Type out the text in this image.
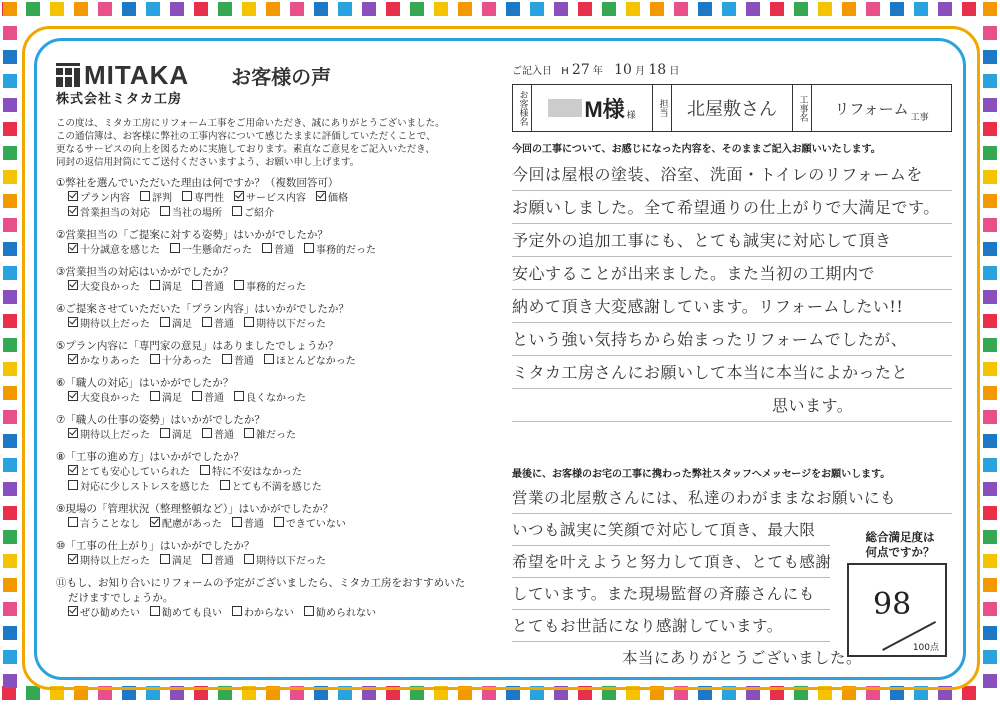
MITAKA お客様の声
株式会社ミタカ工房
この度は、ミタカ工房にリフォーム工事をご用命いただき、誠にありがとうございました。
この通信簿は、お客様に弊社の工事内容について感じたままに評価していただくことで、
更なるサービスの向上を図るために実施しております。素直なご意見をご記入いただき、
同封の返信用封筒にてご送付くださいますよう、お願い申し上げます。
①弊社を選んでいただいた理由は何ですか？（複数回答可）
プラン内容 評判 専門性 サービス内容 価格
営業担当の対応 当社の場所 ご紹介
②営業担当の「ご提案に対する姿勢」はいかがでしたか？
十分誠意を感じた 一生懸命だった 普通 事務的だった
③営業担当の対応はいかがでしたか？
大変良かった 満足 普通 事務的だった
④ご提案させていただいた「プラン内容」はいかがでしたか？
期待以上だった 満足 普通 期待以下だった
⑤プラン内容に「専門家の意見」はありましたでしょうか？
かなりあった 十分あった 普通 ほとんどなかった
⑥「職人の対応」はいかがでしたか？
大変良かった 満足 普通 良くなかった
⑦「職人の仕事の姿勢」はいかがでしたか？
期待以上だった 満足 普通 雑だった
⑧「工事の進め方」はいかがでしたか？
とても安心していられた 特に不安はなかった
対応に少しストレスを感じた とても不満を感じた
⑨現場の「管理状況（整理整頓など）」はいかがでしたか？
言うことなし 配慮があった 普通 できていない
⑩「工事の仕上がり」はいかがでしたか？
期待以上だった 満足 普通 期待以下だった
⑪もし、お知り合いにリフォームの予定がございましたら、ミタカ工房をおすすめいた
だけますでしょうか。
ぜひ勧めたい 勧めても良い わからない 勧められない
ご記入日 H 27 年 10 月 18 日
お客様名	M様 様	担当	北屋敷さん	工事名	リフォーム
工事
今回の工事について、お感じになった内容を、そのままご記入お願いいたします。
今回は屋根の塗装、浴室、洗面・トイレのリフォームを
お願いしました。全て希望通りの仕上がりで大満足です。
予定外の追加工事にも、とても誠実に対応して頂き
安心することが出来ました。また当初の工期内で
納めて頂き大変感謝しています。リフォームしたい!!
という強い気持ちから始まったリフォームでしたが、
ミタカ工房さんにお願いして本当に本当によかったと
思います。
最後に、お客様のお宅の工事に携わった弊社スタッフへメッセージをお願いします。
営業の北屋敷さんには、私達のわがままなお願いにも
いつも誠実に笑顔で対応して頂き、最大限
希望を叶えようと努力して頂き、とても感謝
しています。また現場監督の斉藤さんにも
とてもお世話になり感謝しています。
本当にありがとうございました。
総合満足度は
何点ですか？
98
100点
